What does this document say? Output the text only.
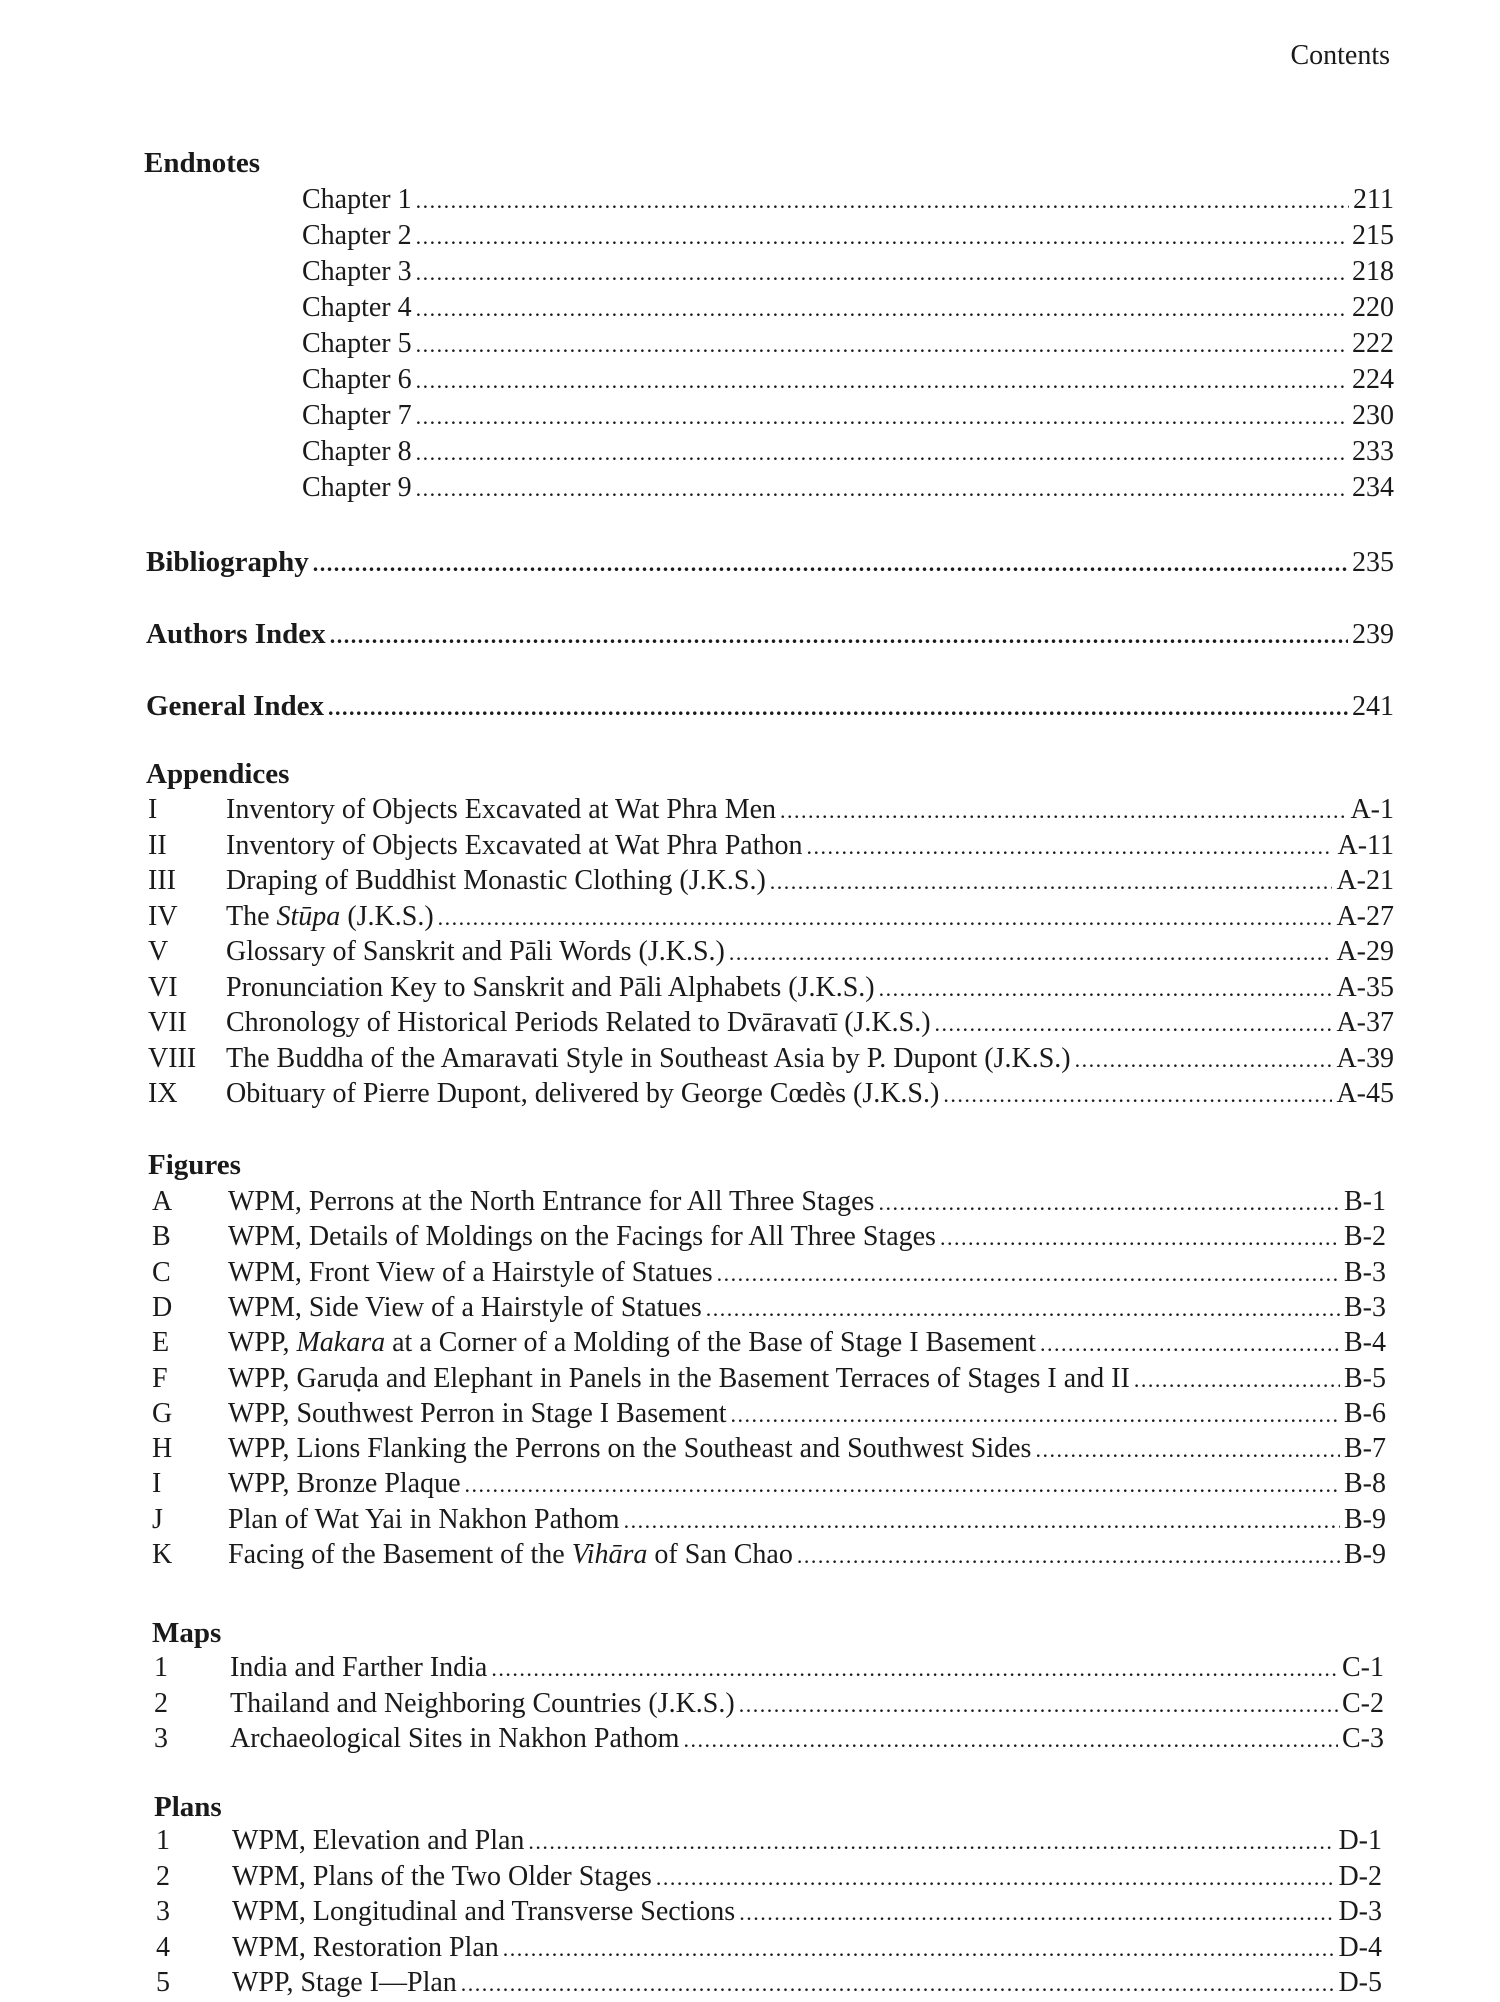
Contents
Endnotes
Chapter 1 . . .	211
Chapter 2 . . .	215
Chapter 3 . . .	218
Chapter 4 . . .	220
Chapter 5 . . .	222
Chapter 6 . . .	224
Chapter 7 . . .	230
Chapter 8 . . .	233
Chapter 9 . . .	234
Bibliography . . .	235
Authors Index . . .	239
General Index . . .	241
Appendices
I	Inventory of Objects Excavated at Wat Phra Men . . .	A-1
II	Inventory of Objects Excavated at Wat Phra Pathon . . .	A-11
III	Draping of Buddhist Monastic Clothing (J.K.S.) . . .	A-21
IV	The Stūpa (J.K.S.) . . .	A-27
V	Glossary of Sanskrit and Pāli Words (J.K.S.) . . .	A-29
VI	Pronunciation Key to Sanskrit and Pāli Alphabets (J.K.S.) . . .	A-35
VII	Chronology of Historical Periods Related to Dvāravatī (J.K.S.) . . .	A-37
VIII	The Buddha of the Amaravati Style in Southeast Asia by P. Dupont (J.K.S.) . . .	A-39
IX	Obituary of Pierre Dupont, delivered by George Cœdès (J.K.S.) . . .	A-45
Figures
A	WPM, Perrons at the North Entrance for All Three Stages . . .	B-1
B	WPM, Details of Moldings on the Facings for All Three Stages . . .	B-2
C	WPM, Front View of a Hairstyle of Statues . . .	B-3
D	WPM, Side View of a Hairstyle of Statues . . .	B-3
E	WPP, Makara at a Corner of a Molding of the Base of Stage I Basement . . .	B-4
F	WPP, Garuḍa and Elephant in Panels in the Basement Terraces of Stages I and II . . .	B-5
G	WPP, Southwest Perron in Stage I Basement . . .	B-6
H	WPP, Lions Flanking the Perrons on the Southeast and Southwest Sides . . .	B-7
I	WPP, Bronze Plaque . . .	B-8
J	Plan of Wat Yai in Nakhon Pathom . . .	B-9
K	Facing of the Basement of the Vihāra of San Chao . . .	B-9
Maps
1	India and Farther India . . .	C-1
2	Thailand and Neighboring Countries (J.K.S.) . . .	C-2
3	Archaeological Sites in Nakhon Pathom . . .	C-3
Plans
1	WPM, Elevation and Plan . . .	D-1
2	WPM, Plans of the Two Older Stages . . .	D-2
3	WPM, Longitudinal and Transverse Sections . . .	D-3
4	WPM, Restoration Plan . . .	D-4
5	WPP, Stage I—Plan . . .	D-5
